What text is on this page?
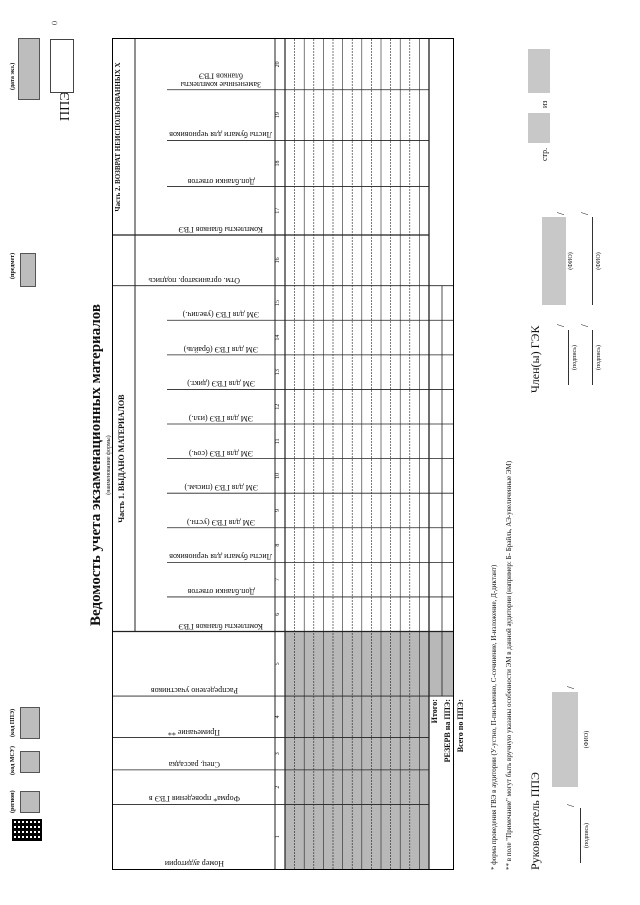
(регион)
(код МСУ)
(код ППЭ)
(предмет)
(дата экз.)
ППЭ
()
Ведомость учета экзаменационных материалов (наименование формы)
Номер аудитории
1
Форма* проведения ГВЭ в
2
Спец. рассадка
3
Примечание **
4
Распределено участников
5
Комплекты бланков ГВЭ
6
Доп.бланки ответов
7
Листы бумаги для черновиков
8
ЭМ для ГВЭ (устн.)
9
ЭМ для ГВЭ (письм.)
10
ЭМ для ГВЭ (соч.)
11
ЭМ для ГВЭ (изл.)
12
ЭМ для ГВЭ (дикт.)
13
ЭМ для ГВЭ (брайль)
14
ЭМ для ГВЭ (увелич.)
15
Отм. организатор. подпись
16
Комплекты бланков ГВЭ
17
Доп.бланки ответов
18
Листы бумаги для черновиков
19
Замененные комплекты бланков ГВЭ
20
Часть 1. ВЫДАНО МАТЕРИАЛОВ
Часть 2. ВОЗВРАТ НЕИСПОЛЬЗОВАННЫХ Х
Итого: РЕЗЕРВ на ППЭ: Всего по ППЭ:	* форма проведения ГВЭ в аудитории (У-устно, П-письменно, С-сочинение, И-изложение, Д-диктант) ** в поле "Примечание" могут быть вручную указаны особенности ЭМ в данной аудитории (например: Б- Брайль, АЭ-увеличенные ЭМ) Руководитель ППЭ
Член(ы) ГЭК
/
/
(подпись)
(ФИО)
/
/
(подпись)
(ФИО)
/
/
(подпись)
(ФИО)
стр.
из
